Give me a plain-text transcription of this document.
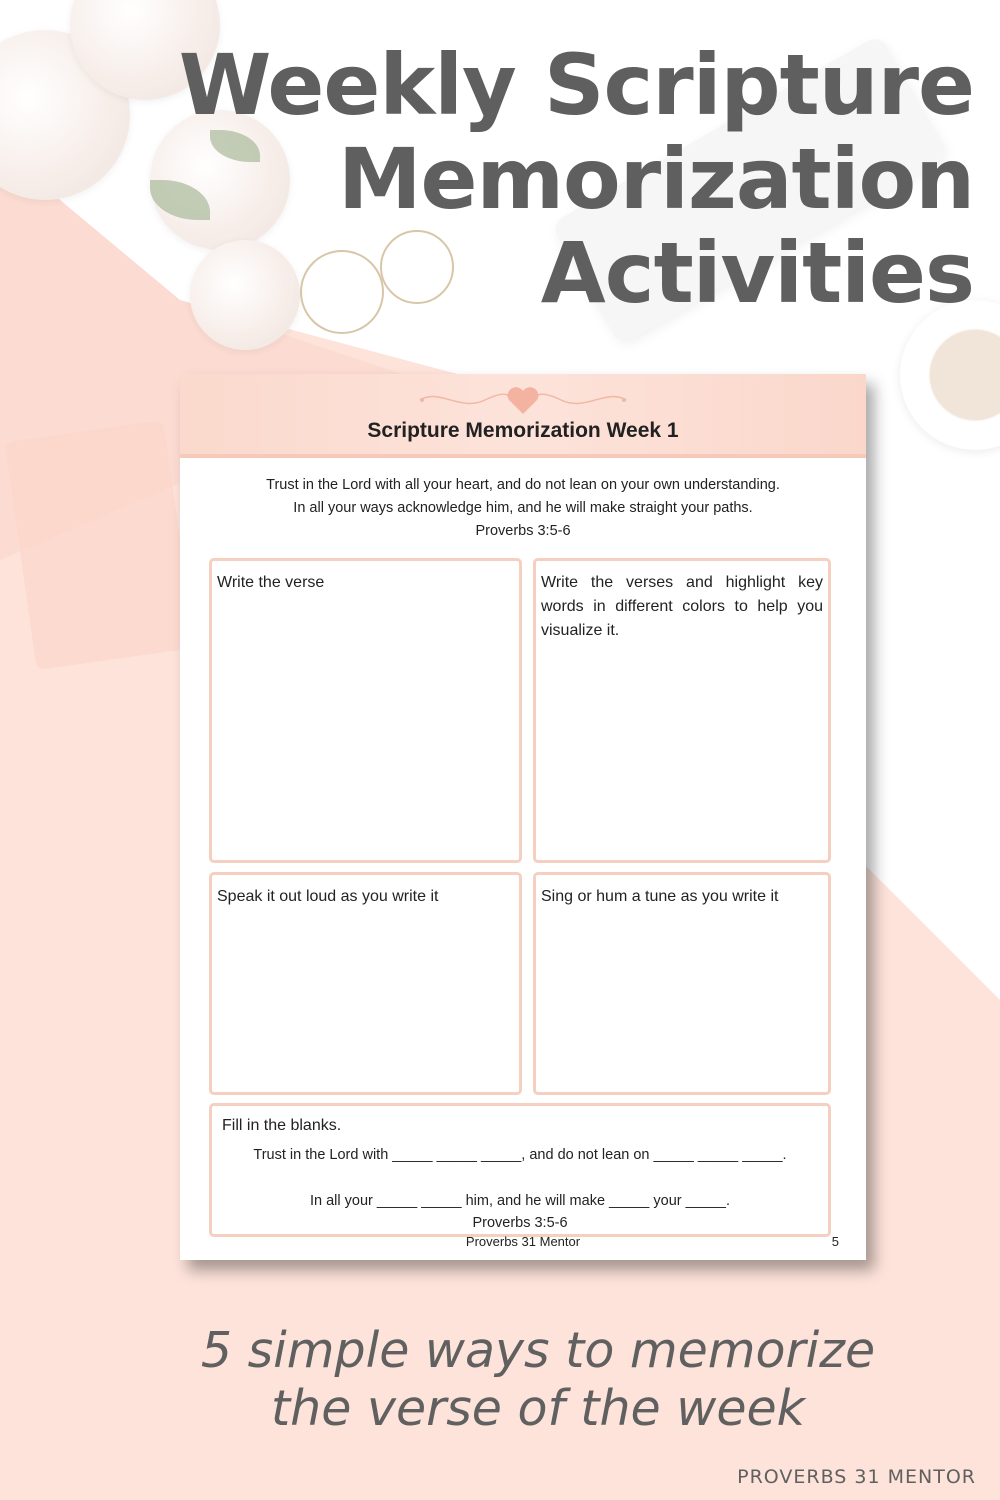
Weekly Scripture
Memorization
Activities
Scripture Memorization Week 1
Trust in the Lord with all your heart, and do not lean on your own understanding.
In all your ways acknowledge him, and he will make straight your paths.
Proverbs 3:5-6
Write the verse	Write the verses and highlight key words in different colors to help you visualize it.
Speak it out loud as you write it	Sing or hum a tune as you write it
Fill in the blanks.
Trust in the Lord with _____ _____ _____, and do not lean on _____ _____ _____.
In all your _____ _____ him, and he will make _____ your _____.
Proverbs 3:5-6
Proverbs 31 Mentor	5
5 simple ways to memorize
the verse of the week
PROVERBS 31 MENTOR
